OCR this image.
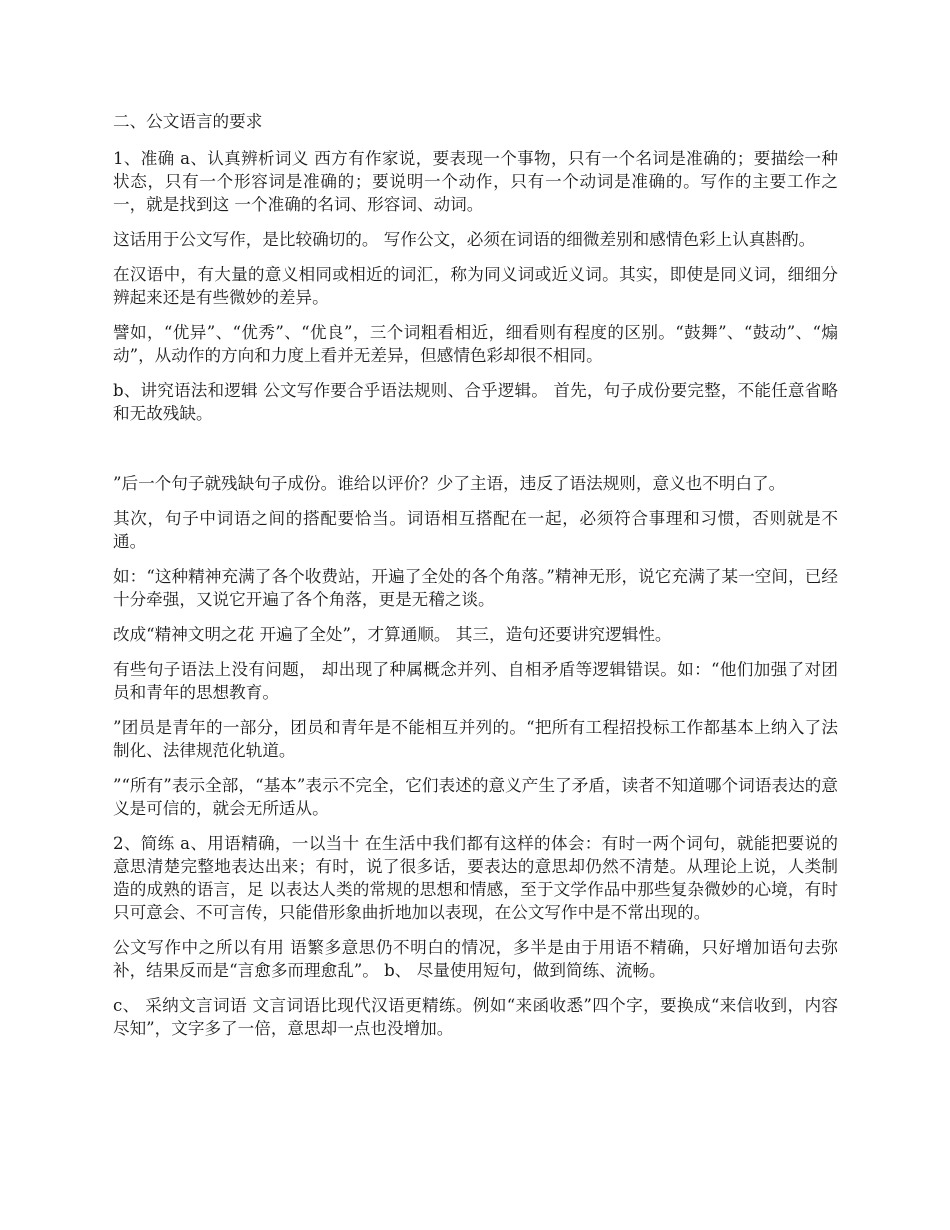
二、公文语言的要求
1、准确 a、认真辨析词义 西方有作家说，要表现一个事物，只有一个名词是准确的；要描绘一种状态，只有一个形容词是准确的；要说明一个动作，只有一个动词是准确的。写作的主要工作之一，就是找到这 一个准确的名词、形容词、动词。
这话用于公文写作，是比较确切的。 写作公文，必须在词语的细微差别和感情色彩上认真斟酌。
在汉语中，有大量的意义相同或相近的词汇，称为同义词或近义词。其实，即使是同义词，细细分辨起来还是有些微妙的差异。
譬如，“优异”、“优秀”、“优良”，三个词粗看相近，细看则有程度的区别。“鼓舞”、“鼓动”、“煽动”，从动作的方向和力度上看并无差异，但感情色彩却很不相同。
b、讲究语法和逻辑 公文写作要合乎语法规则、合乎逻辑。 首先，句子成份要完整，不能任意省略和无故残缺。
”后一个句子就残缺句子成份。谁给以评价？少了主语，违反了语法规则，意义也不明白了。
其次，句子中词语之间的搭配要恰当。词语相互搭配在一起，必须符合事理和习惯，否则就是不通。
如：“这种精神充满了各个收费站，开遍了全处的各个角落。”精神无形，说它充满了某一空间，已经十分牵强，又说它开遍了各个角落，更是无稽之谈。
改成“精神文明之花 开遍了全处”，才算通顺。 其三，造句还要讲究逻辑性。
有些句子语法上没有问题， 却出现了种属概念并列、自相矛盾等逻辑错误。如：“他们加强了对团员和青年的思想教育。
”团员是青年的一部分，团员和青年是不能相互并列的。“把所有工程招投标工作都基本上纳入了法制化、法律规范化轨道。
”“所有”表示全部，“基本”表示不完全，它们表述的意义产生了矛盾，读者不知道哪个词语表达的意义是可信的，就会无所适从。
2、简练 a、用语精确，一以当十 在生活中我们都有这样的体会：有时一两个词句，就能把要说的意思清楚完整地表达出来；有时，说了很多话，要表达的意思却仍然不清楚。从理论上说，人类制造的成熟的语言，足 以表达人类的常规的思想和情感，至于文学作品中那些复杂微妙的心境，有时只可意会、不可言传，只能借形象曲折地加以表现，在公文写作中是不常出现的。
公文写作中之所以有用 语繁多意思仍不明白的情况，多半是由于用语不精确，只好增加语句去弥补，结果反而是“言愈多而理愈乱”。 b、 尽量使用短句，做到简练、流畅。
c、 采纳文言词语 文言词语比现代汉语更精练。例如“来函收悉”四个字，要换成“来信收到，内容尽知”，文字多了一倍，意思却一点也没增加。
